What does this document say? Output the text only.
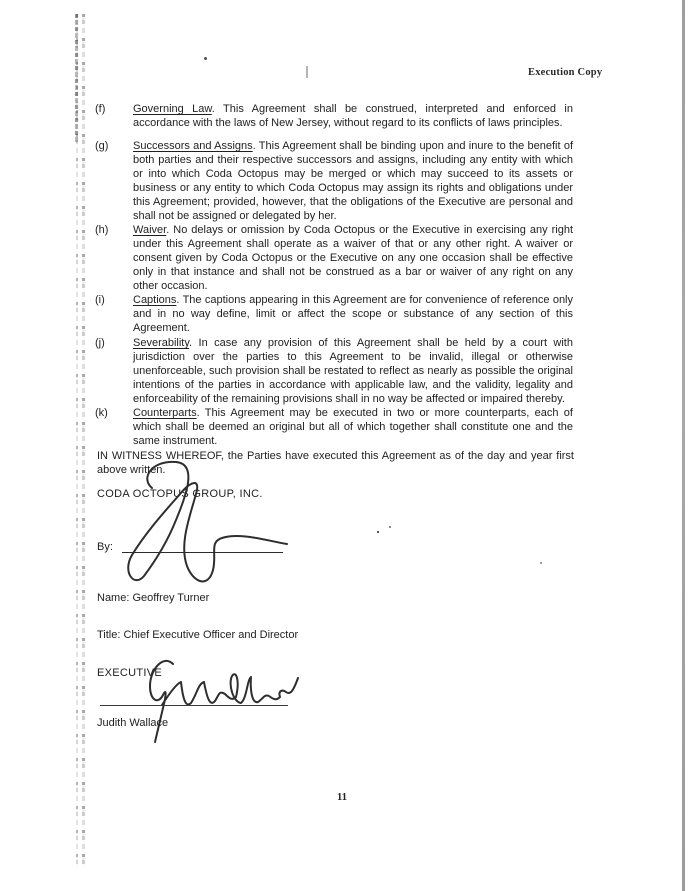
Execution Copy
(f)	Governing Law. This Agreement shall be construed, interpreted and enforced in accordance with the laws of New Jersey, without regard to its conflicts of laws principles.
(g)	Successors and Assigns. This Agreement shall be binding upon and inure to the benefit of both parties and their respective successors and assigns, including any entity with which or into which Coda Octopus may be merged or which may succeed to its assets or business or any entity to which Coda Octopus may assign its rights and obligations under this Agreement; provided, however, that the obligations of the Executive are personal and shall not be assigned or delegated by her.
(h)	Waiver. No delays or omission by Coda Octopus or the Executive in exercising any right under this Agreement shall operate as a waiver of that or any other right. A waiver or consent given by Coda Octopus or the Executive on any one occasion shall be effective only in that instance and shall not be construed as a bar or waiver of any right on any other occasion.
(i)	Captions. The captions appearing in this Agreement are for convenience of reference only and in no way define, limit or affect the scope or substance of any section of this Agreement.
(j)	Severability. In case any provision of this Agreement shall be held by a court with jurisdiction over the parties to this Agreement to be invalid, illegal or otherwise unenforceable, such provision shall be restated to reflect as nearly as possible the original intentions of the parties in accordance with applicable law, and the validity, legality and enforceability of the remaining provisions shall in no way be affected or impaired thereby.
(k)	Counterparts. This Agreement may be executed in two or more counterparts, each of which shall be deemed an original but all of which together shall constitute one and the same instrument.
IN WITNESS WHEREOF, the Parties have executed this Agreement as of the day and year first above written.
CODA OCTOPUS GROUP, INC.
By:
Name: Geoffrey Turner
Title: Chief Executive Officer and Director
EXECUTIVE
Judith Wallace
11
